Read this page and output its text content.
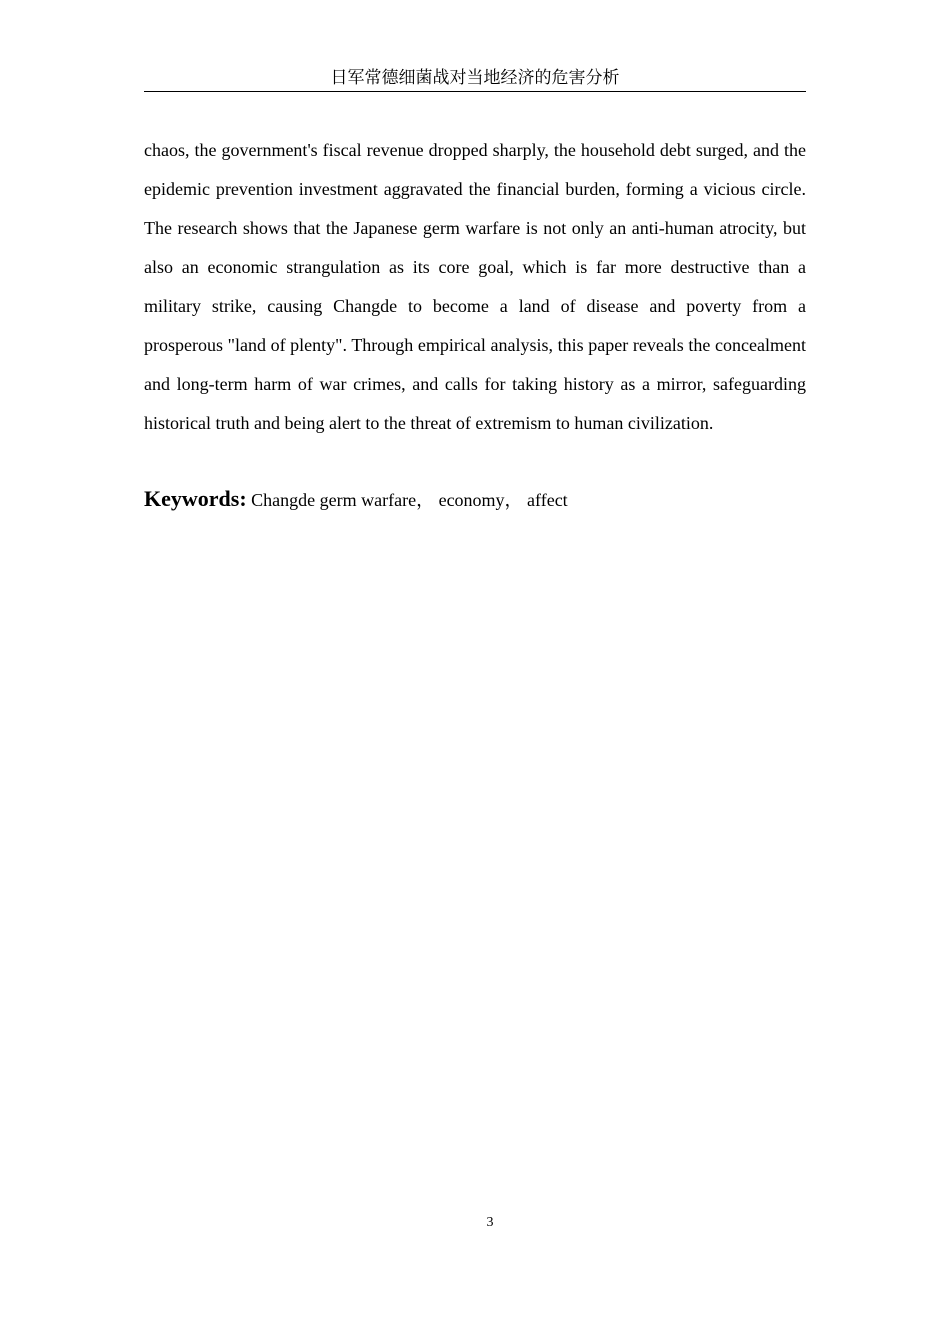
日军常德细菌战对当地经济的危害分析

chaos, the government's fiscal revenue dropped sharply, the household debt surged, and the epidemic prevention investment aggravated the financial burden, forming a vicious circle. The research shows that the Japanese germ warfare is not only an anti-human atrocity, but also an economic strangulation as its core goal, which is far more destructive than a military strike, causing Changde to become a land of disease and poverty from a prosperous "land of plenty". Through empirical analysis, this paper reveals the concealment and long-term harm of war crimes, and calls for taking history as a mirror, safeguarding historical truth and being alert to the threat of extremism to human civilization.

Keywords: Changde germ warfare， economy， affect

3
